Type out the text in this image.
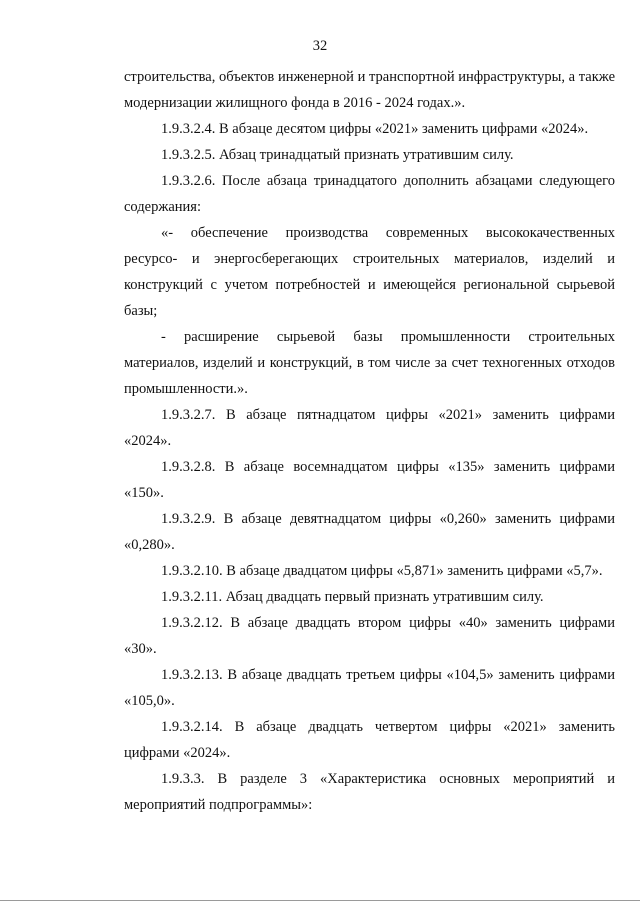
32

строительства, объектов инженерной и транспортной инфраструктуры, а также модернизации жилищного фонда в 2016 - 2024 годах.».

1.9.3.2.4. В абзаце десятом цифры «2021» заменить цифрами «2024».

1.9.3.2.5. Абзац тринадцатый признать утратившим силу.

1.9.3.2.6. После абзаца тринадцатого дополнить абзацами следующего содержания:

«- обеспечение производства современных высококачественных ресурсо- и энергосберегающих строительных материалов, изделий и конструкций с учетом потребностей и имеющейся региональной сырьевой базы;

- расширение сырьевой базы промышленности строительных материалов, изделий и конструкций, в том числе за счет техногенных отходов промышленности.».

1.9.3.2.7. В абзаце пятнадцатом цифры «2021» заменить цифрами «2024».

1.9.3.2.8. В абзаце восемнадцатом цифры «135» заменить цифрами «150».

1.9.3.2.9. В абзаце девятнадцатом цифры «0,260» заменить цифрами «0,280».

1.9.3.2.10. В абзаце двадцатом цифры «5,871» заменить цифрами «5,7».

1.9.3.2.11. Абзац двадцать первый признать утратившим силу.

1.9.3.2.12. В абзаце двадцать втором цифры «40» заменить цифрами «30».

1.9.3.2.13. В абзаце двадцать третьем цифры «104,5» заменить цифрами «105,0».

1.9.3.2.14. В абзаце двадцать четвертом цифры «2021» заменить цифрами «2024».

1.9.3.3. В разделе 3 «Характеристика основных мероприятий и мероприятий подпрограммы»:
